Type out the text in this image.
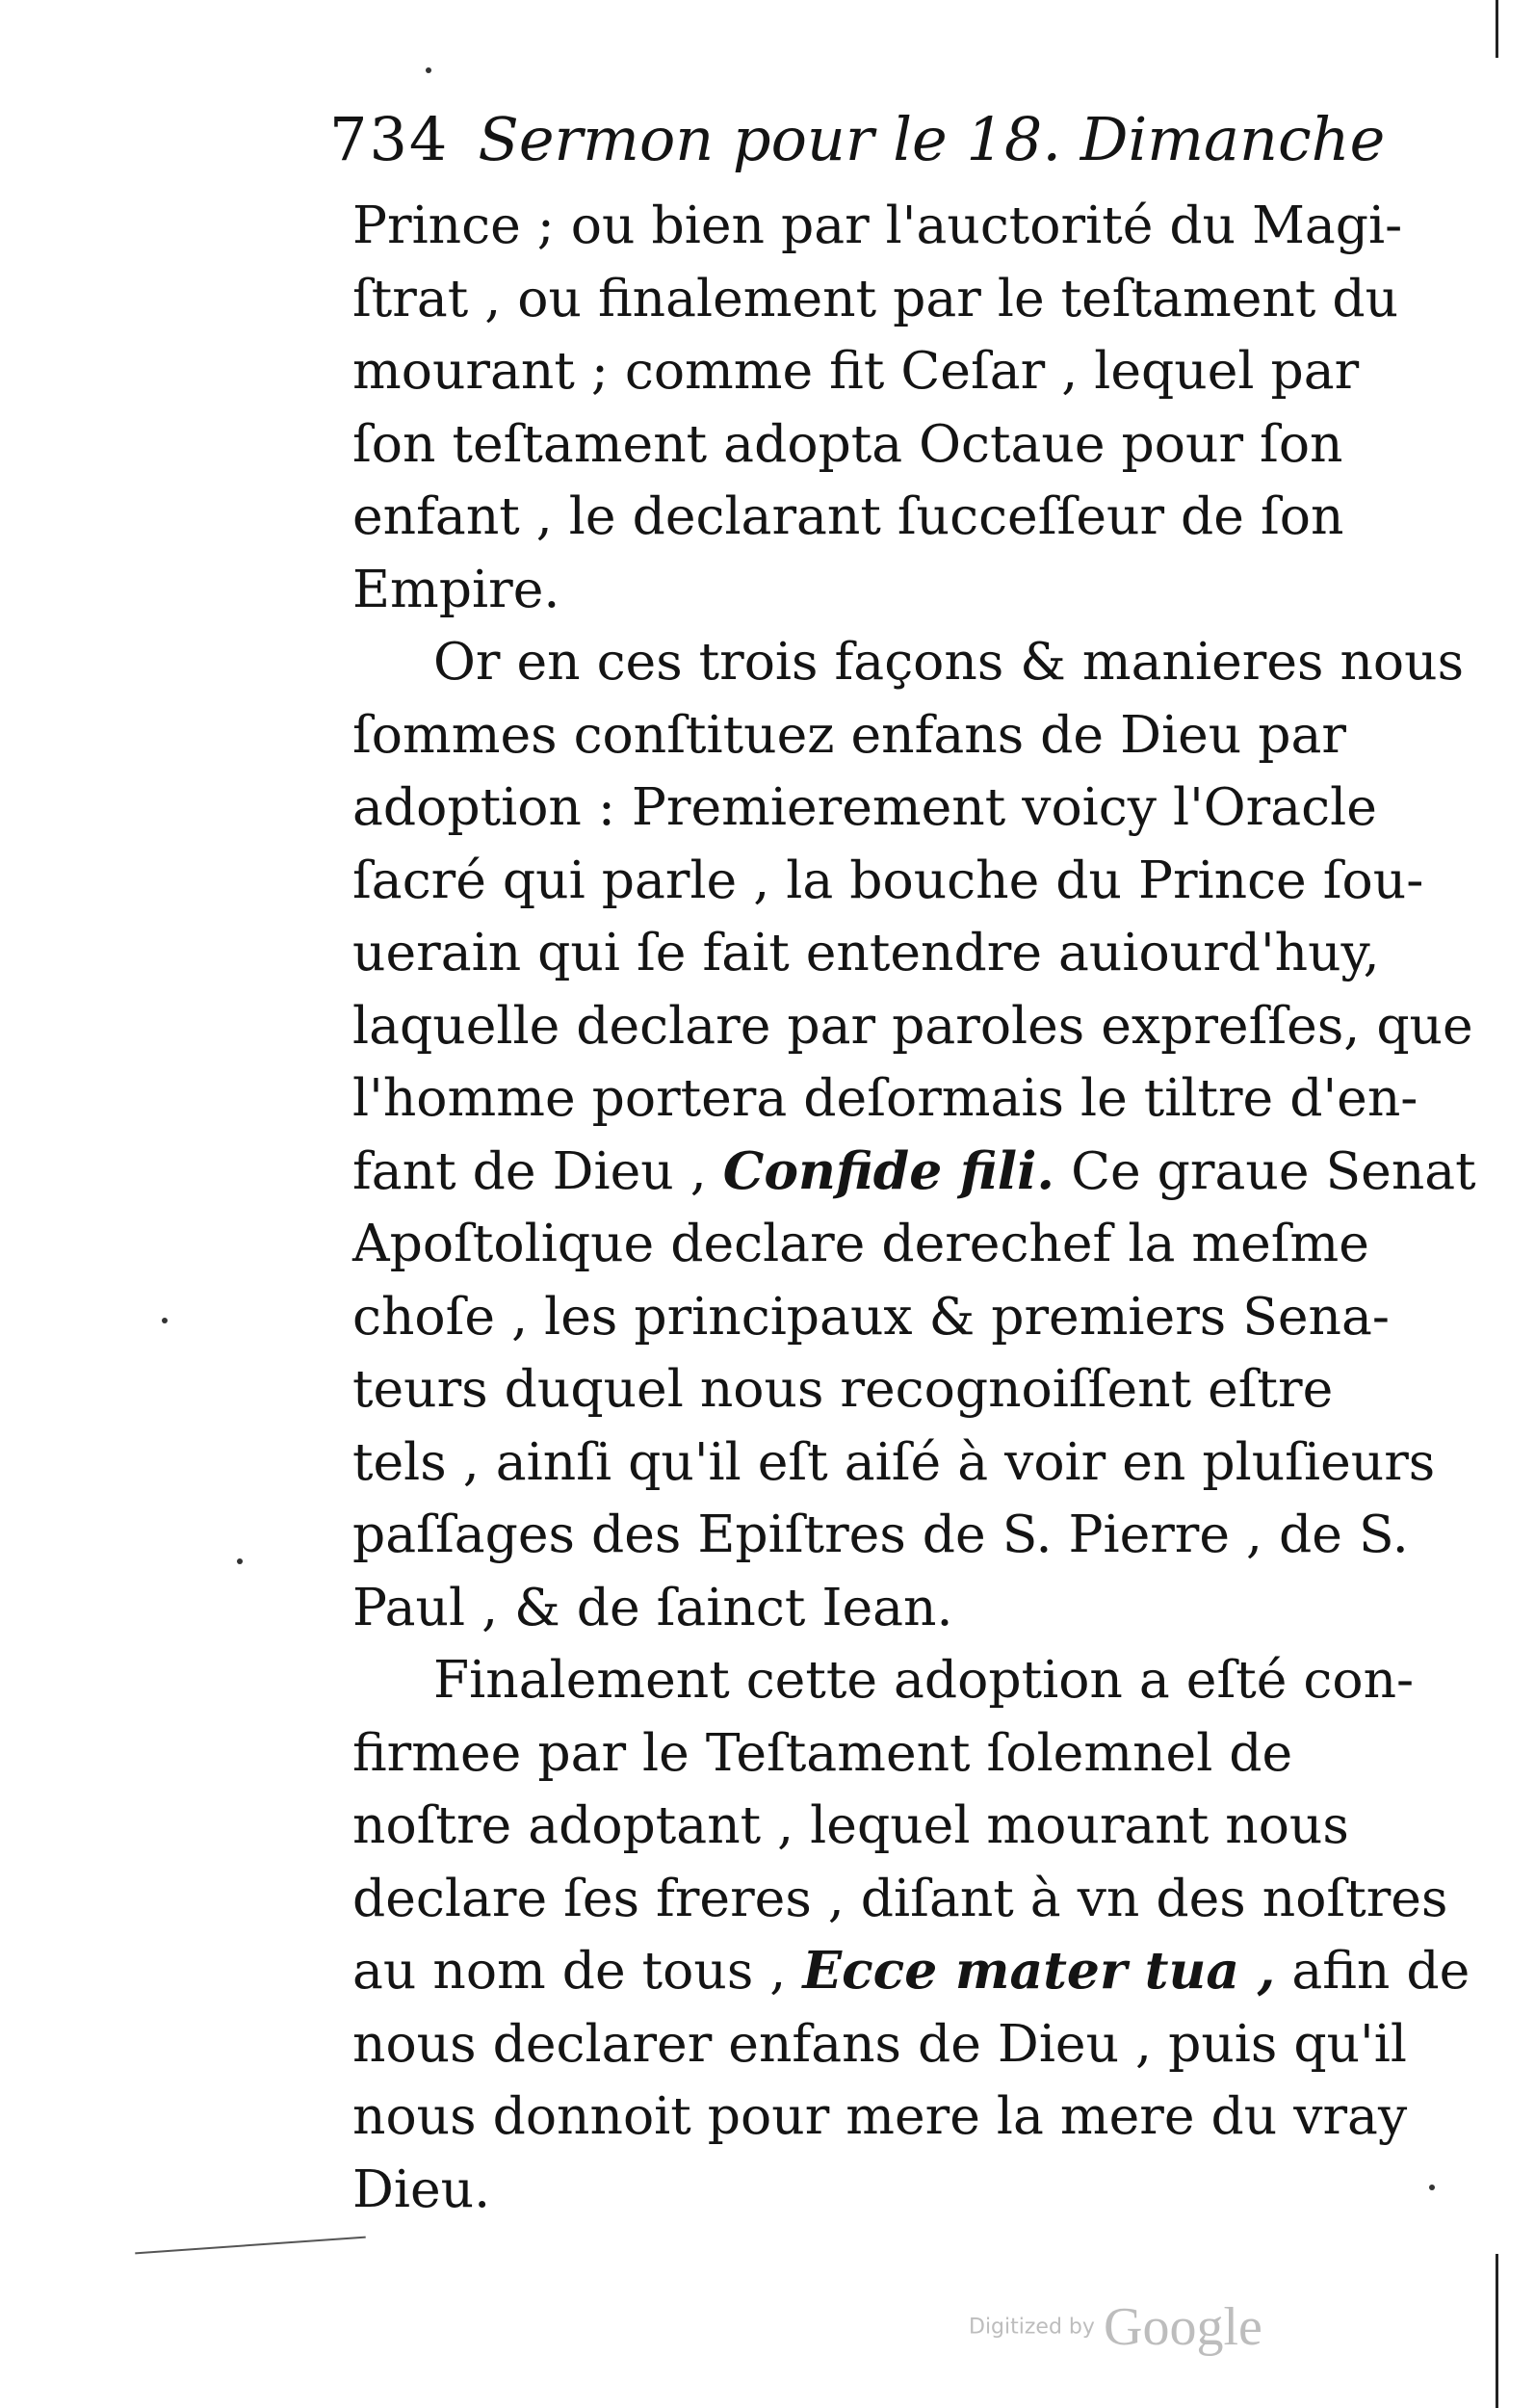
734 Sermon pour le 18. Dimanche
Prince ; ou bien par l'auctorité du Magi-
ſtrat , ou finalement par le teſtament du
mourant ; comme fit Ceſar , lequel par
ſon teſtament adopta Octaue pour ſon
enfant , le declarant ſucceſſeur de ſon
Empire.
Or en ces trois façons & manieres nous
ſommes conſtituez enfans de Dieu par
adoption : Premierement voicy l'Oracle
ſacré qui parle , la bouche du Prince ſou-
uerain qui ſe fait entendre auiourd'huy,
laquelle declare par paroles expreſſes, que
l'homme portera deſormais le tiltre d'en-
fant de Dieu , Confide fili. Ce graue Senat
Apoſtolique declare derechef la meſme
choſe , les principaux & premiers Sena-
teurs duquel nous recognoiſſent eſtre
tels , ainſi qu'il eſt aiſé à voir en pluſieurs
paſſages des Epiſtres de S. Pierre , de S.
Paul , & de ſainct Iean.
Finalement cette adoption a eſté con-
firmee par le Teſtament ſolemnel de
noſtre adoptant , lequel mourant nous
declare ſes freres , diſant à vn des noſtres
au nom de tous , Ecce mater tua , afin de
nous declarer enfans de Dieu , puis qu'il
nous donnoit pour mere la mere du vray
Dieu.
Digitized by Google
